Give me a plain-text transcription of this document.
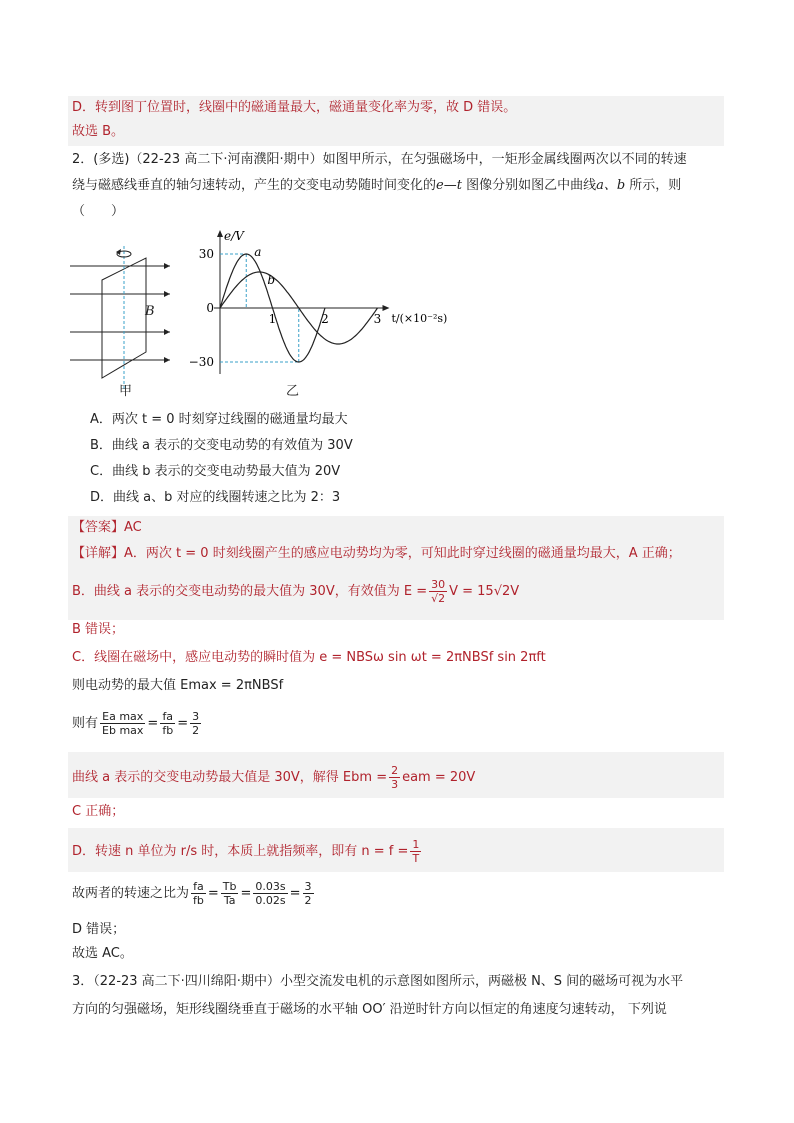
D．转到图丁位置时，线圈中的磁通量最大，磁通量变化率为零，故 D 错误。
故选 B。
2．(多选)（22-23 高二下·河南濮阳·期中）如图甲所示，在匀强磁场中，一矩形金属线圈两次以不同的转速
绕与磁感线垂直的轴匀速转动，产生的交变电动势随时间变化的e—t 图像分别如图乙中曲线a、b 所示，则
（　　）
B
甲
e/V
t/(×10⁻²s)
30
0
−30
1	2	3
a
b
乙
A．两次 t = 0 时刻穿过线圈的磁通量均最大
B．曲线 a 表示的交变电动势的有效值为 30V
C．曲线 b 表示的交变电动势最大值为 20V
D．曲线 a、b 对应的线圈转速之比为 2：3
【答案】AC
【详解】A．两次 t = 0 时刻线圈产生的感应电动势均为零，可知此时穿过线圈的磁通量均最大，A 正确；
B．曲线 a 表示的交变电动势的最大值为 30V，有效值为 $E = \frac{30}{√2}$ V = 15√2V
B 错误；
C．线圈在磁场中，感应电动势的瞬时值为 e = NBSω sin ωt = 2πNBSf sin 2πft
则电动势的最大值 Emax = 2πNBSf
则有 $\frac{\text{Ea max}}{\text{Eb max}} = \frac{fa}{fb} = \frac{3}{2}$
曲线 a 表示的交变电动势最大值是 30V，解得 Ebm = $\frac{2}{3}$ eam = 20V
C 正确；
D．转速 n 单位为 r/s 时，本质上就指频率，即有 $n = f = \frac{1}{T}$
故两者的转速之比为 $\frac{fa}{fb} = \frac{Tb}{Ta} = \frac{0.03s}{0.02s} = \frac{3}{2}$
D 错误；
故选 AC。
3．（22-23 高二下·四川绵阳·期中）小型交流发电机的示意图如图所示，两磁极 N、S 间的磁场可视为水平
方向的匀强磁场，矩形线圈绕垂直于磁场的水平轴 OO′ 沿逆时针方向以恒定的角速度匀速转动， 下列说
